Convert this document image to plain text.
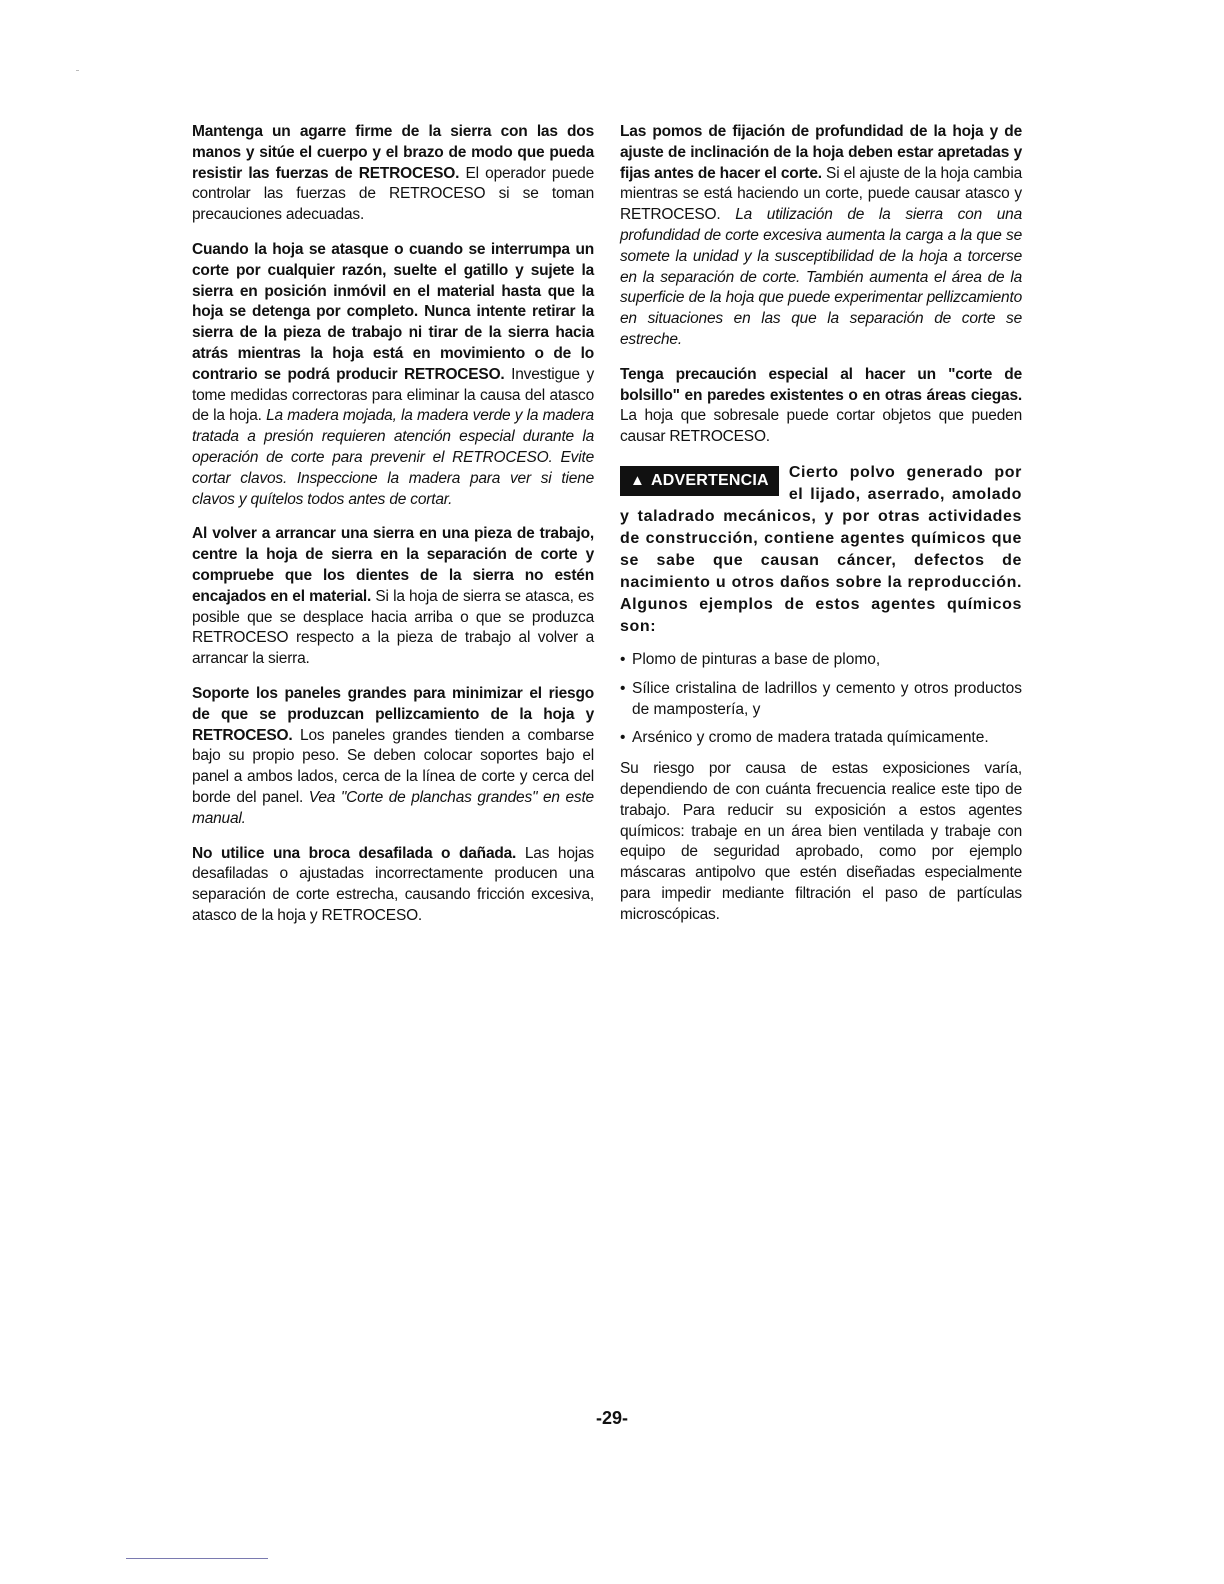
Mantenga un agarre firme de la sierra con las dos manos y sitúe el cuerpo y el brazo de modo que pueda resistir las fuerzas de RETROCESO. El operador puede controlar las fuerzas de RETROCESO si se toman precauciones adecuadas.

Cuando la hoja se atasque o cuando se interrumpa un corte por cualquier razón, suelte el gatillo y sujete la sierra en posición inmóvil en el material hasta que la hoja se detenga por completo. Nunca intente retirar la sierra de la pieza de trabajo ni tirar de la sierra hacia atrás mientras la hoja está en movimiento o de lo contrario se podrá producir RETROCESO. Investigue y tome medidas correctoras para eliminar la causa del atasco de la hoja. La madera mojada, la madera verde y la madera tratada a presión requieren atención especial durante la operación de corte para prevenir el RETROCESO. Evite cortar clavos. Inspeccione la madera para ver si tiene clavos y quítelos todos antes de cortar.

Al volver a arrancar una sierra en una pieza de trabajo, centre la hoja de sierra en la separación de corte y compruebe que los dientes de la sierra no estén encajados en el material. Si la hoja de sierra se atasca, es posible que se desplace hacia arriba o que se produzca RETROCESO respecto a la pieza de trabajo al volver a arrancar la sierra.

Soporte los paneles grandes para minimizar el riesgo de que se produzcan pellizcamiento de la hoja y RETROCESO. Los paneles grandes tienden a combarse bajo su propio peso. Se deben colocar soportes bajo el panel a ambos lados, cerca de la línea de corte y cerca del borde del panel. Vea "Corte de planchas grandes" en este manual.

No utilice una broca desafilada o dañada. Las hojas desafiladas o ajustadas incorrectamente producen una separación de corte estrecha, causando fricción excesiva, atasco de la hoja y RETROCESO.

Las pomos de fijación de profundidad de la hoja y de ajuste de inclinación de la hoja deben estar apretadas y fijas antes de hacer el corte. Si el ajuste de la hoja cambia mientras se está haciendo un corte, puede causar atasco y RETROCESO. La utilización de la sierra con una profundidad de corte excesiva aumenta la carga a la que se somete la unidad y la susceptibilidad de la hoja a torcerse en la separación de corte. También aumenta el área de la superficie de la hoja que puede experimentar pellizcamiento en situaciones en las que la separación de corte se estreche.

Tenga precaución especial al hacer un "corte de bolsillo" en paredes existentes o en otras áreas ciegas. La hoja que sobresale puede cortar objetos que pueden causar RETROCESO.

▲ ADVERTENCIA	Cierto polvo generado por el lijado, aserrado, amolado y taladrado mecánicos, y por otras actividades de construcción, contiene agentes químicos que se sabe que causan cáncer, defectos de nacimiento u otros daños sobre la reproducción. Algunos ejemplos de estos agentes químicos son:

• Plomo de pinturas a base de plomo,
• Sílice cristalina de ladrillos y cemento y otros productos de mampostería, y
• Arsénico y cromo de madera tratada químicamente.

Su riesgo por causa de estas exposiciones varía, dependiendo de con cuánta frecuencia realice este tipo de trabajo. Para reducir su exposición a estos agentes químicos: trabaje en un área bien ventilada y trabaje con equipo de seguridad aprobado, como por ejemplo máscaras antipolvo que estén diseñadas especialmente para impedir mediante filtración el paso de partículas microscópicas.

-29-
